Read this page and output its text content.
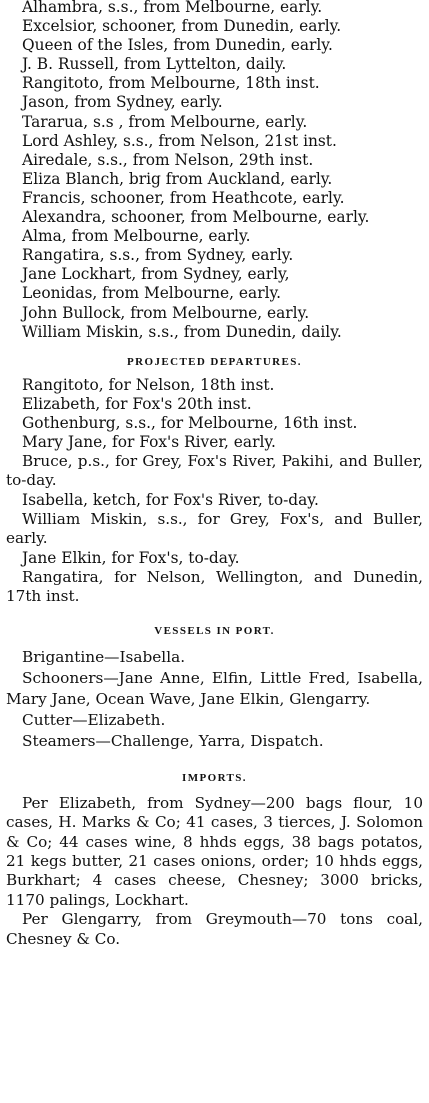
Alhambra, s.s., from Melbourne, early.

Excelsior, schooner, from Dunedin, early.

Queen of the Isles, from Dunedin, early.

J. B. Russell, from Lyttelton, daily.

Rangitoto, from Melbourne, 18th inst.

Jason, from Sydney, early.

Tararua, s.s , from Melbourne, early.

Lord Ashley, s.s., from Nelson, 21st inst.

Airedale, s.s., from Nelson, 29th inst.

Eliza Blanch, brig from Auckland, early.

Francis, schooner, from Heathcote, early.

Alexandra, schooner, from Melbourne, early.

Alma, from Melbourne, early.

Rangatira, s.s., from Sydney, early.

Jane Lockhart, from Sydney, early,

Leonidas, from Melbourne, early.

John Bullock, from Melbourne, early.

William Miskin, s.s., from Dunedin, daily.

PROJECTED DEPARTURES.

Rangitoto, for Nelson, 18th inst.

Elizabeth, for Fox's 20th inst.

Gothenburg, s.s., for Melbourne, 16th inst.

Mary Jane, for Fox's River, early.

Bruce, p.s., for Grey, Fox's River, Pakihi, and Buller, to-day.

Isabella, ketch, for Fox's River, to-day.

William Miskin, s.s., for Grey, Fox's, and Buller, early.

Jane Elkin, for Fox's, to-day.

Rangatira, for Nelson, Wellington, and Dunedin, 17th inst.

VESSELS IN PORT.

Brigantine—Isabella.

Schooners—Jane Anne, Elfin, Little Fred, Isabella, Mary Jane, Ocean Wave, Jane Elkin, Glengarry.

Cutter—Elizabeth.

Steamers—Challenge, Yarra, Dispatch.

IMPORTS.

Per Elizabeth, from Sydney—200 bags flour, 10 cases, H. Marks & Co; 41 cases, 3 tierces, J. Solomon & Co; 44 cases wine, 8 hhds eggs, 38 bags potatos, 21 kegs butter, 21 cases onions, order; 10 hhds eggs, Burkhart; 4 cases cheese, Chesney; 3000 bricks, 1170 palings, Lockhart.

Per Glengarry, from Greymouth—70 tons coal, Chesney & Co.
